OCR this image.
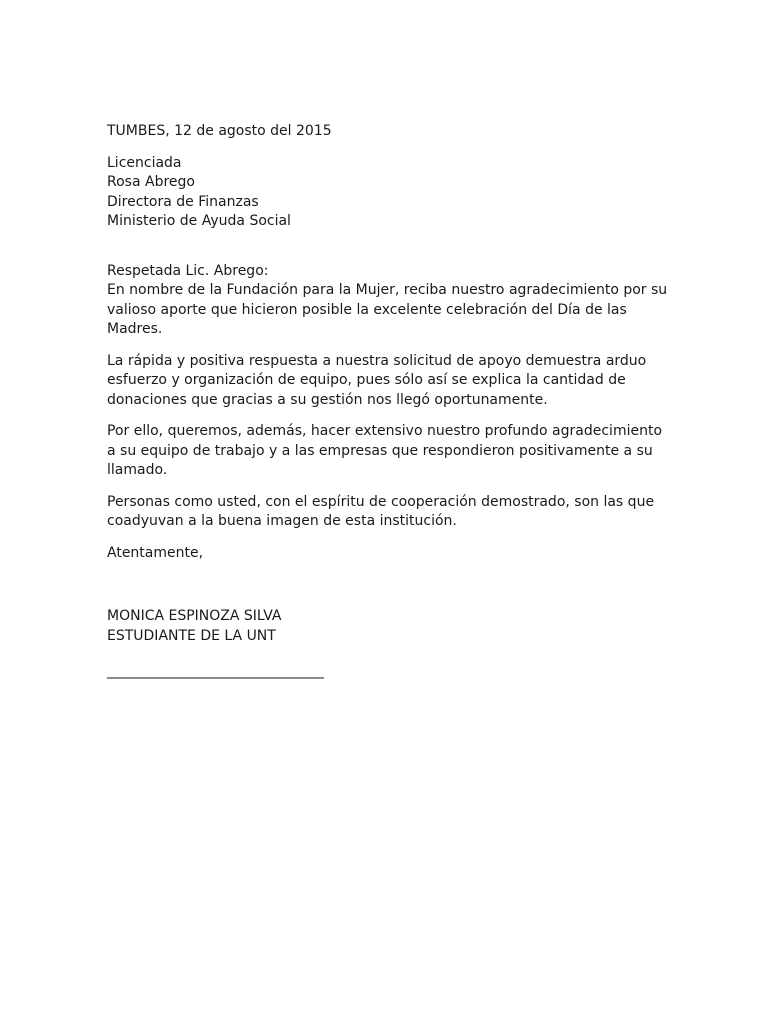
TUMBES, 12 de agosto del 2015
Licenciada
Rosa Abrego
Directora de Finanzas
Ministerio de Ayuda Social
Respetada Lic. Abrego:
En nombre de la Fundación para la Mujer, reciba nuestro agradecimiento por su
valioso aporte que hicieron posible la excelente celebración del Día de las
Madres.
La rápida y positiva respuesta a nuestra solicitud de apoyo demuestra arduo
esfuerzo y organización de equipo, pues sólo así se explica la cantidad de
donaciones que gracias a su gestión nos llegó oportunamente.
Por ello, queremos, además, hacer extensivo nuestro profundo agradecimiento
a su equipo de trabajo y a las empresas que respondieron positivamente a su
llamado.
Personas como usted, con el espíritu de cooperación demostrado, son las que
coadyuvan a la buena imagen de esta institución.
Atentamente,
MONICA ESPINOZA SILVA
ESTUDIANTE DE LA UNT
_______________________________
